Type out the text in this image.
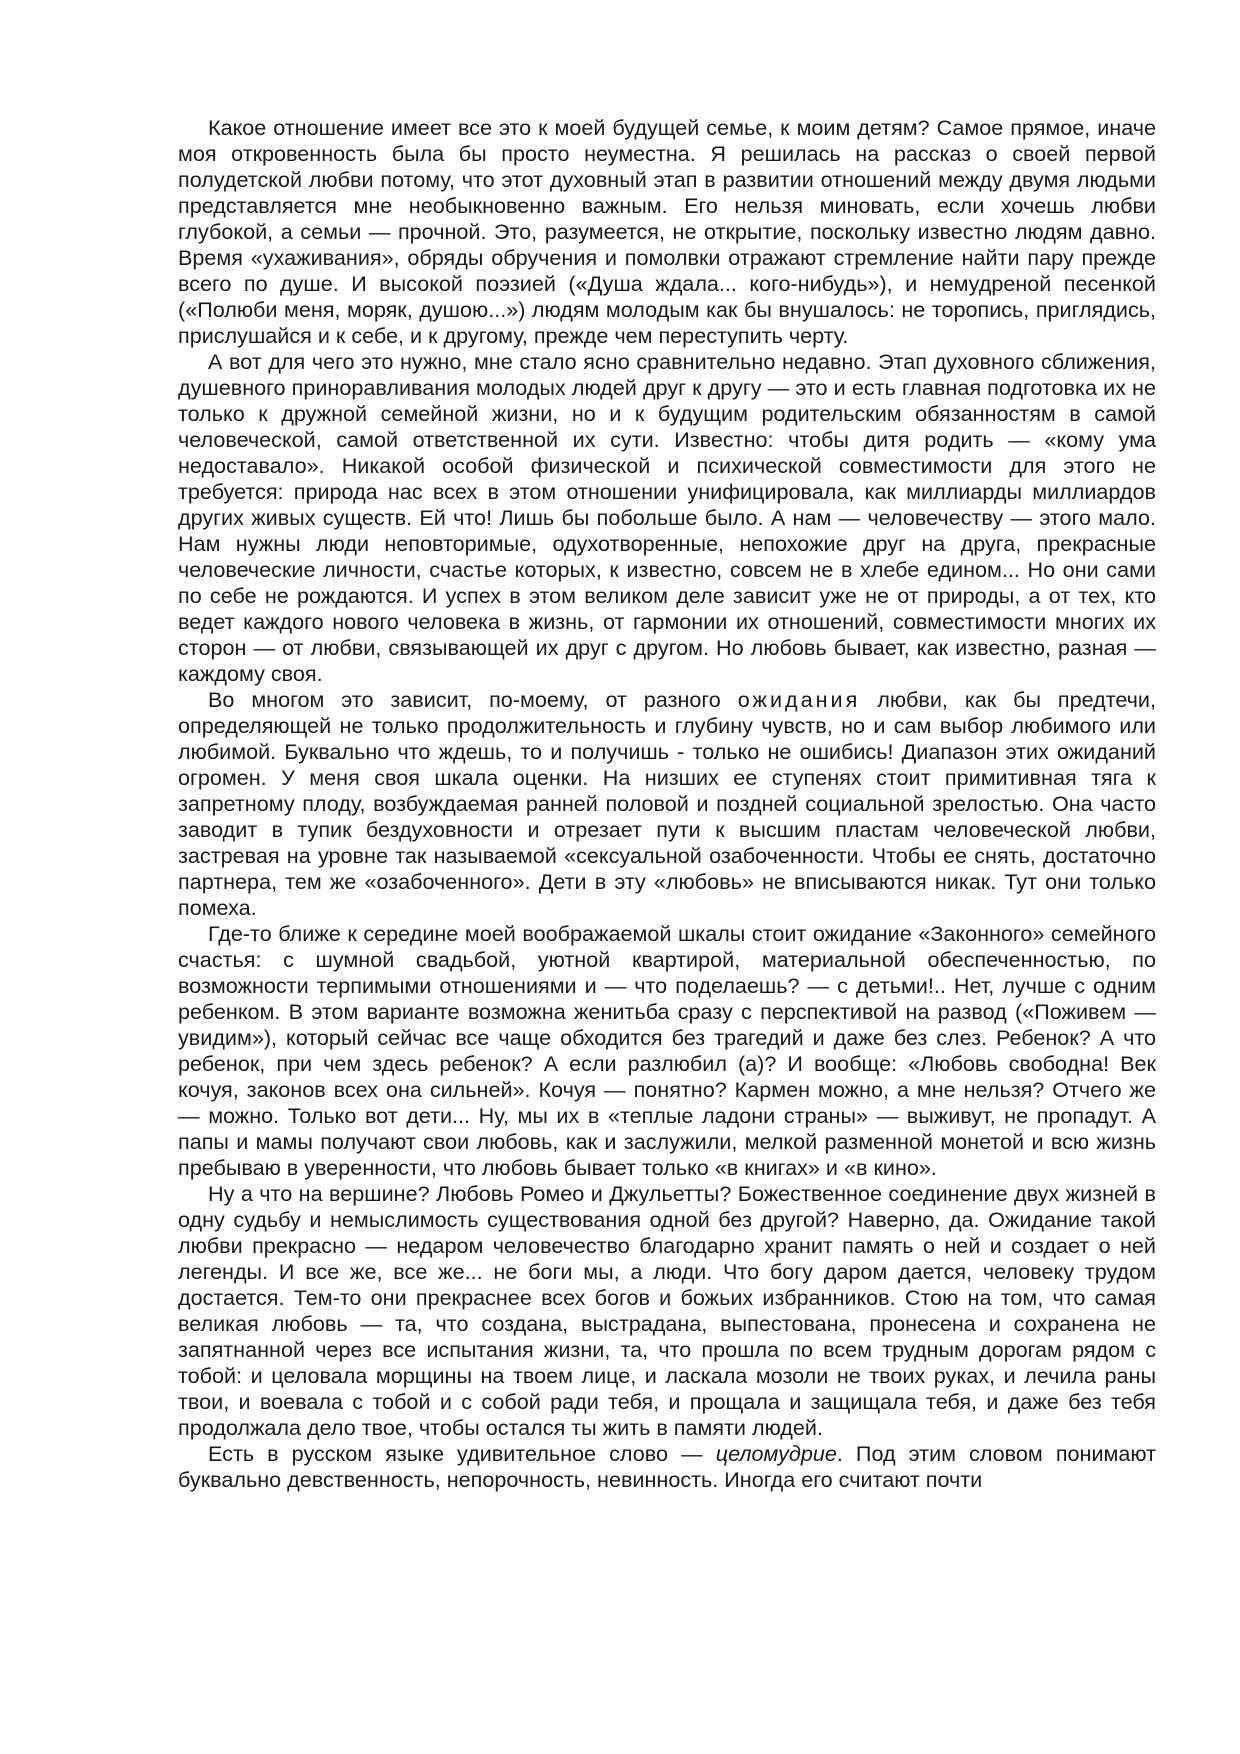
Какое отношение имеет все это к моей будущей семье, к моим детям? Самое прямое, иначе моя откровенность была бы просто неуместна. Я решилась на рассказ о своей первой полудетской любви потому, что этот духовный этап в развитии отношений между двумя людьми представляется мне необыкновенно важным. Его нельзя миновать, если хочешь любви глубокой, а семьи — прочной. Это, разумеется, не открытие, поскольку известно людям давно. Время «ухаживания», обряды обручения и помолвки отражают стремление найти пару прежде всего по душе. И высокой поэзией («Душа ждала... кого-нибудь»), и немудреной песенкой («Полюби меня, моряк, душою...») людям молодым как бы внушалось: не торопись, приглядись, прислушайся и к себе, и к другому, прежде чем переступить черту.

А вот для чего это нужно, мне стало ясно сравнительно недавно. Этап духовного сближения, душевного приноравливания молодых людей друг к другу — это и есть главная подготовка их не только к дружной семейной жизни, но и к будущим родительским обязанностям в самой человеческой, самой ответственной их сути. Известно: чтобы дитя родить — «кому ума недоставало». Никакой особой физической и психической совместимости для этого не требуется: природа нас всех в этом отношении унифицировала, как миллиарды миллиардов других живых существ. Ей что! Лишь бы побольше было. А нам — человечеству — этого мало. Нам нужны люди неповторимые, одухотворенные, непохожие друг на друга, прекрасные человеческие личности, счастье которых, к известно, совсем не в хлебе едином... Но они сами по себе не рождаются. И успех в этом великом деле зависит уже не от природы, а от тех, кто ведет каждого нового человека в жизнь, от гармонии их отношений, совместимости многих их сторон — от любви, связывающей их друг с другом. Но любовь бывает, как известно, разная — каждому своя.

Во многом это зависит, по-моему, от разного ожидания любви, как бы предтечи, определяющей не только продолжительность и глубину чувств, но и сам выбор любимого или любимой. Буквально что ждешь, то и получишь - только не ошибись! Диапазон этих ожиданий огромен. У меня своя шкала оценки. На низших ее ступенях стоит примитивная тяга к запретному плоду, возбуждаемая ранней половой и поздней социальной зрелостью. Она часто заводит в тупик бездуховности и отрезает пути к высшим пластам человеческой любви, застревая на уровне так называемой «сексуальной озабоченности. Чтобы ее снять, достаточно партнера, тем же «озабоченного». Дети в эту «любовь» не вписываются никак. Тут они только помеха.

Где-то ближе к середине моей воображаемой шкалы стоит ожидание «Законного» семейного счастья: с шумной свадьбой, уютной квартирой, материальной обеспеченностью, по возможности терпимыми отношениями и — что поделаешь? — с детьми!.. Нет, лучше с одним ребенком. В этом варианте возможна женитьба сразу с перспективой на развод («Поживем — увидим»), который сейчас все чаще обходится без трагедий и даже без слез. Ребенок? А что ребенок, при чем здесь ребенок? А если разлюбил (а)? И вообще: «Любовь свободна! Век кочуя, законов всех она сильней». Кочуя — понятно? Кармен можно, а мне нельзя? Отчего же — можно. Только вот дети... Ну, мы их в «теплые ладони страны» — выживут, не пропадут. А папы и мамы получают свои любовь, как и заслужили, мелкой разменной монетой и всю жизнь пребываю в уверенности, что любовь бывает только «в книгах» и «в кино».

Ну а что на вершине? Любовь Ромео и Джульетты? Божественное соединение двух жизней в одну судьбу и немыслимость существования одной без другой? Наверно, да. Ожидание такой любви прекрасно — недаром человечество благодарно хранит память о ней и создает о ней легенды. И все же, все же... не боги мы, а люди. Что богу даром дается, человеку трудом достается. Тем-то они прекраснее всех богов и божьих избранников. Стою на том, что самая великая любовь — та, что создана, выстрадана, выпестована, пронесена и сохранена не запятнанной через все испытания жизни, та, что прошла по всем трудным дорогам рядом с тобой: и целовала морщины на твоем лице, и ласкала мозоли не твоих руках, и лечила раны твои, и воевала с тобой и с собой ради тебя, и прощала и защищала тебя, и даже без тебя продолжала дело твое, чтобы остался ты жить в памяти людей.

Есть в русском языке удивительное слово — целомудрие. Под этим словом понимают буквально девственность, непорочность, невинность. Иногда его считают почти
